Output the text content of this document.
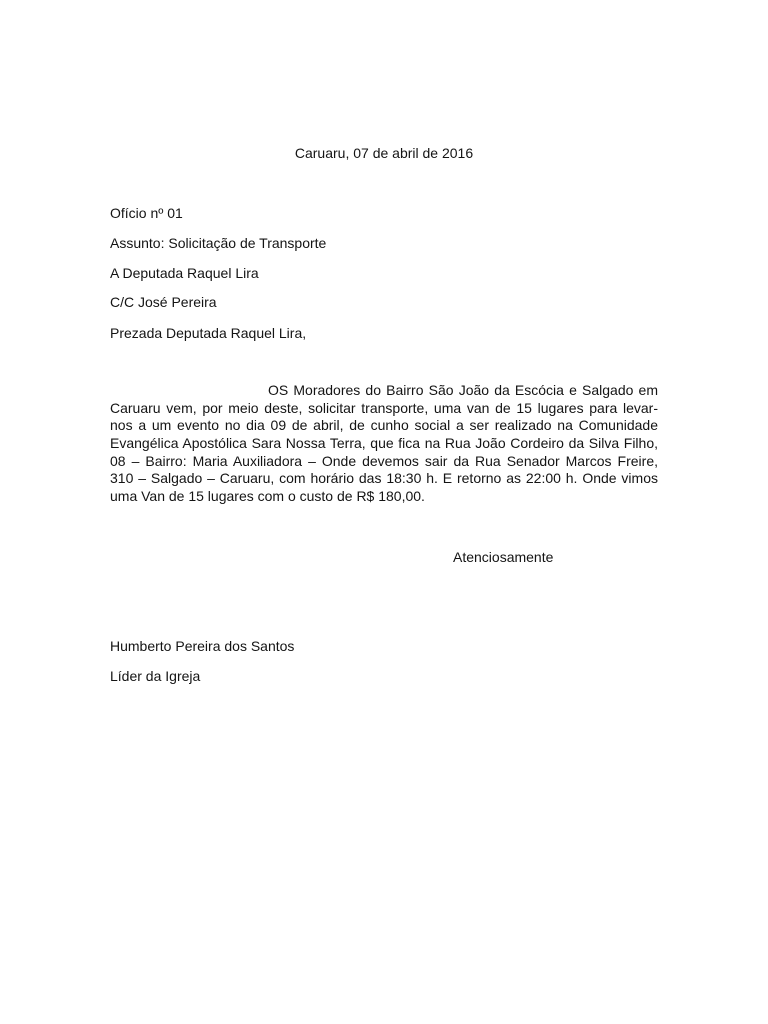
Caruaru, 07 de abril de 2016
Ofício nº 01
Assunto: Solicitação de Transporte
A Deputada Raquel Lira
C/C José Pereira
Prezada Deputada Raquel Lira,
OS Moradores do Bairro São João da Escócia e Salgado em
Caruaru vem, por meio deste, solicitar transporte, uma van de 15 lugares para levar-
nos a um evento no dia 09 de abril, de cunho social a ser realizado na Comunidade
Evangélica Apostólica Sara Nossa Terra, que fica na Rua João Cordeiro da Silva Filho,
08 – Bairro: Maria Auxiliadora – Onde devemos sair da Rua Senador Marcos Freire,
310 – Salgado – Caruaru, com horário das 18:30 h. E retorno as 22:00 h. Onde vimos
uma Van de 15 lugares com o custo de R$ 180,00.
Atenciosamente
Humberto Pereira dos Santos
Líder da Igreja
